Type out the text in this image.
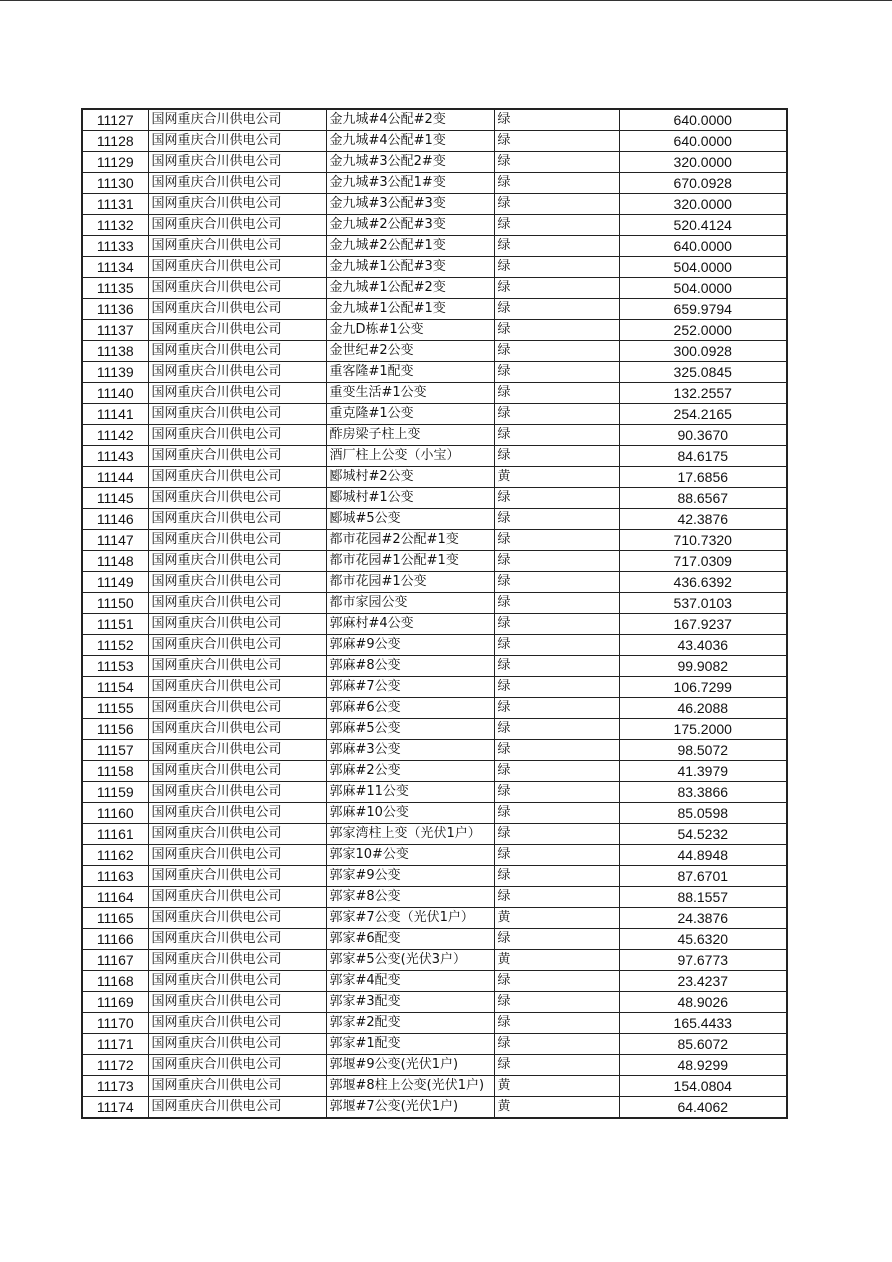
11127	国网重庆合川供电公司	金九城#4公配#2变	绿	640.0000
11128	国网重庆合川供电公司	金九城#4公配#1变	绿	640.0000
11129	国网重庆合川供电公司	金九城#3公配2#变	绿	320.0000
11130	国网重庆合川供电公司	金九城#3公配1#变	绿	670.0928
11131	国网重庆合川供电公司	金九城#3公配#3变	绿	320.0000
11132	国网重庆合川供电公司	金九城#2公配#3变	绿	520.4124
11133	国网重庆合川供电公司	金九城#2公配#1变	绿	640.0000
11134	国网重庆合川供电公司	金九城#1公配#3变	绿	504.0000
11135	国网重庆合川供电公司	金九城#1公配#2变	绿	504.0000
11136	国网重庆合川供电公司	金九城#1公配#1变	绿	659.9794
11137	国网重庆合川供电公司	金九D栋#1公变	绿	252.0000
11138	国网重庆合川供电公司	金世纪#2公变	绿	300.0928
11139	国网重庆合川供电公司	重客隆#1配变	绿	325.0845
11140	国网重庆合川供电公司	重变生活#1公变	绿	132.2557
11141	国网重庆合川供电公司	重克隆#1公变	绿	254.2165
11142	国网重庆合川供电公司	酢房梁子柱上变	绿	90.3670
11143	国网重庆合川供电公司	酒厂柱上公变（小宝）	绿	84.6175
11144	国网重庆合川供电公司	郾城村#2公变	黄	17.6856
11145	国网重庆合川供电公司	郾城村#1公变	绿	88.6567
11146	国网重庆合川供电公司	郾城#5公变	绿	42.3876
11147	国网重庆合川供电公司	都市花园#2公配#1变	绿	710.7320
11148	国网重庆合川供电公司	都市花园#1公配#1变	绿	717.0309
11149	国网重庆合川供电公司	都市花园#1公变	绿	436.6392
11150	国网重庆合川供电公司	都市家园公变	绿	537.0103
11151	国网重庆合川供电公司	郭麻村#4公变	绿	167.9237
11152	国网重庆合川供电公司	郭麻#9公变	绿	43.4036
11153	国网重庆合川供电公司	郭麻#8公变	绿	99.9082
11154	国网重庆合川供电公司	郭麻#7公变	绿	106.7299
11155	国网重庆合川供电公司	郭麻#6公变	绿	46.2088
11156	国网重庆合川供电公司	郭麻#5公变	绿	175.2000
11157	国网重庆合川供电公司	郭麻#3公变	绿	98.5072
11158	国网重庆合川供电公司	郭麻#2公变	绿	41.3979
11159	国网重庆合川供电公司	郭麻#11公变	绿	83.3866
11160	国网重庆合川供电公司	郭麻#10公变	绿	85.0598
11161	国网重庆合川供电公司	郭家湾柱上变（光伏1户）	绿	54.5232
11162	国网重庆合川供电公司	郭家10#公变	绿	44.8948
11163	国网重庆合川供电公司	郭家#9公变	绿	87.6701
11164	国网重庆合川供电公司	郭家#8公变	绿	88.1557
11165	国网重庆合川供电公司	郭家#7公变（光伏1户）	黄	24.3876
11166	国网重庆合川供电公司	郭家#6配变	绿	45.6320
11167	国网重庆合川供电公司	郭家#5公变(光伏3户）	黄	97.6773
11168	国网重庆合川供电公司	郭家#4配变	绿	23.4237
11169	国网重庆合川供电公司	郭家#3配变	绿	48.9026
11170	国网重庆合川供电公司	郭家#2配变	绿	165.4433
11171	国网重庆合川供电公司	郭家#1配变	绿	85.6072
11172	国网重庆合川供电公司	郭堰#9公变(光伏1户)	绿	48.9299
11173	国网重庆合川供电公司	郭堰#8柱上公变(光伏1户)	黄	154.0804
11174	国网重庆合川供电公司	郭堰#7公变(光伏1户)	黄	64.4062
